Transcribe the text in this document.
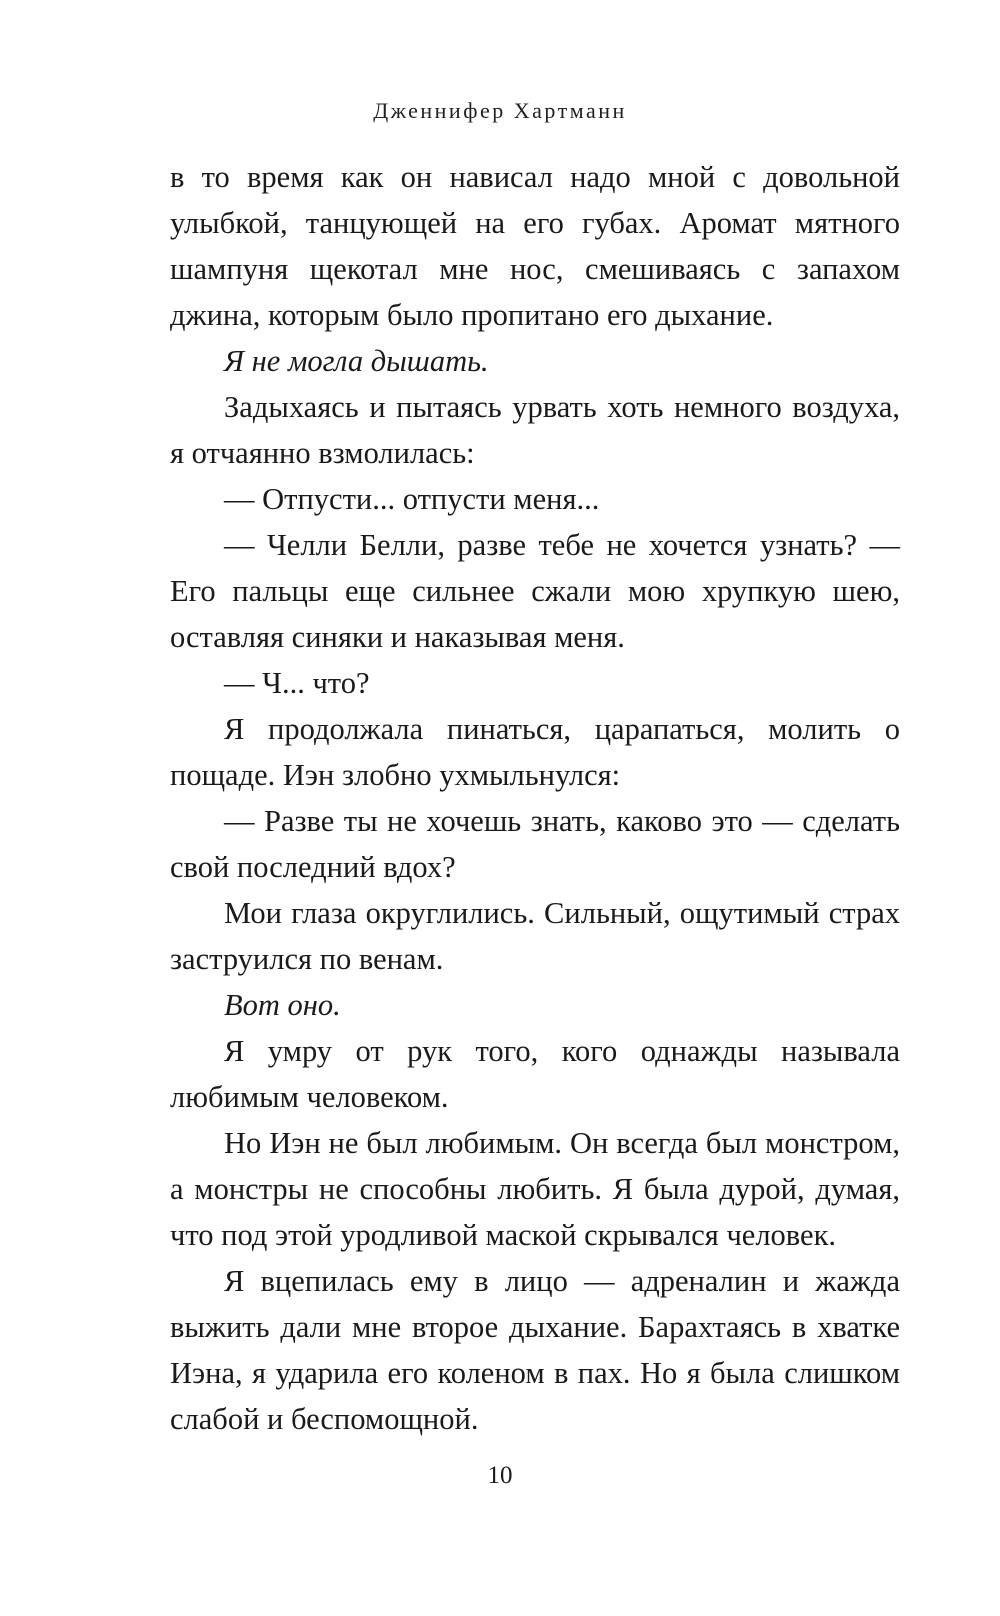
Дженнифер Хартманн

в то время как он нависал надо мной с довольной улыбкой, танцующей на его губах. Аромат мятного шампуня щекотал мне нос, смешиваясь с запахом джина, которым было пропитано его дыхание.

Я не могла дышать.

Задыхаясь и пытаясь урвать хоть немного воздуха, я отчаянно взмолилась:

— Отпусти... отпусти меня...

— Челли Белли, разве тебе не хочется узнать? — Его пальцы еще сильнее сжали мою хрупкую шею, оставляя синяки и наказывая меня.

— Ч... что?

Я продолжала пинаться, царапаться, молить о пощаде. Иэн злобно ухмыльнулся:

— Разве ты не хочешь знать, каково это — сделать свой последний вдох?

Мои глаза округлились. Сильный, ощутимый страх заструился по венам.

Вот оно.

Я умру от рук того, кого однажды называла любимым человеком.

Но Иэн не был любимым. Он всегда был монстром, а монстры не способны любить. Я была дурой, думая, что под этой уродливой маской скрывался человек.

Я вцепилась ему в лицо — адреналин и жажда выжить дали мне второе дыхание. Барахтаясь в хватке Иэна, я ударила его коленом в пах. Но я была слишком слабой и беспомощной.

10
